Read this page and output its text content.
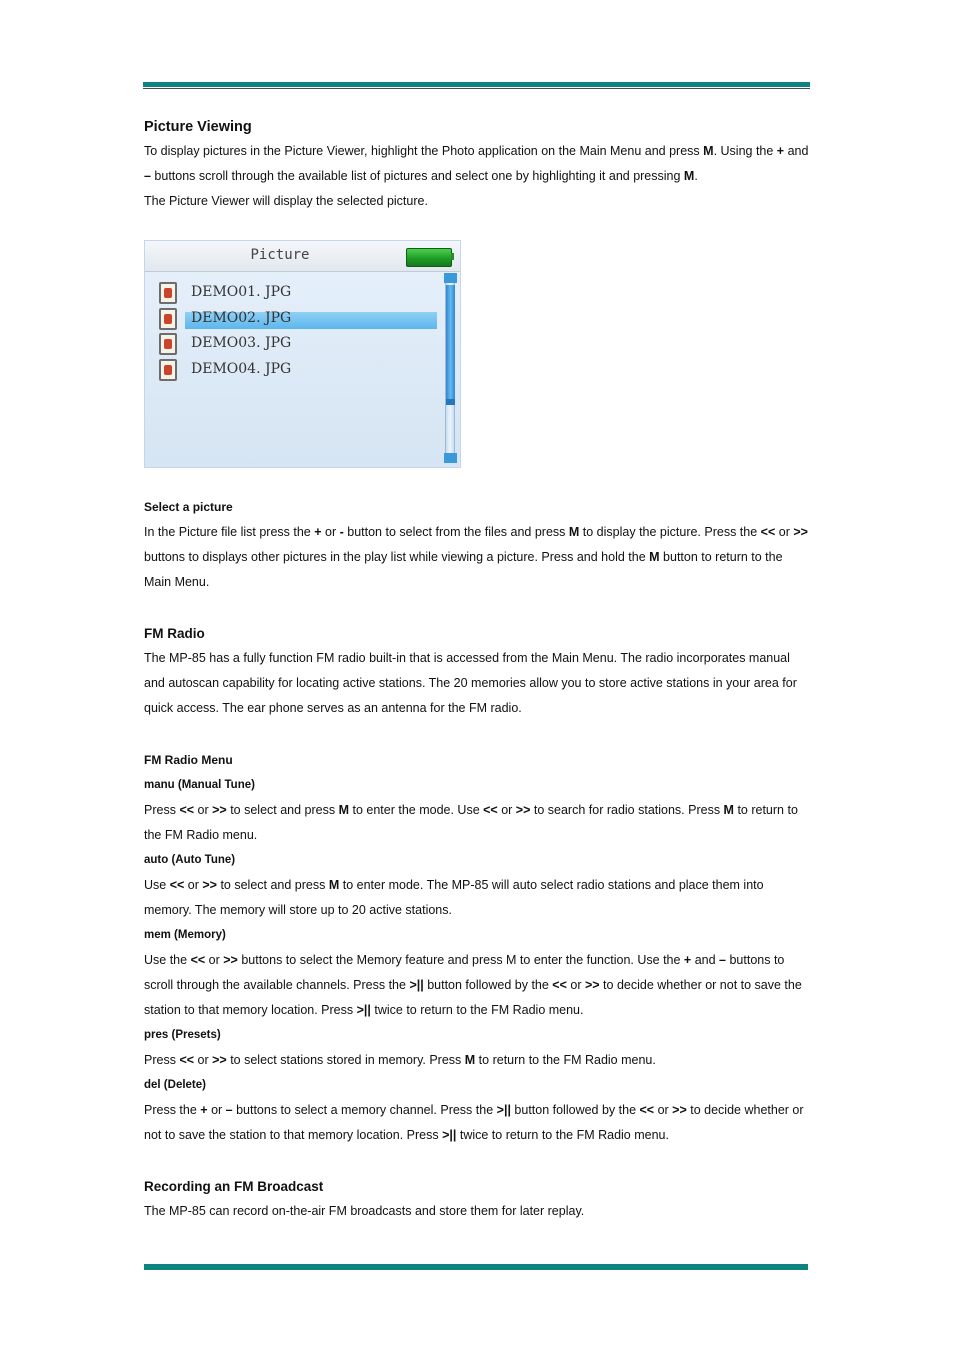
Picture Viewing

To display pictures in the Picture Viewer, highlight the Photo application on the Main Menu and press M. Using the + and – buttons scroll through the available list of pictures and select one by highlighting it and pressing M.
The Picture Viewer will display the selected picture.

Picture
DEMO01. JPG
DEMO02. JPG
DEMO03. JPG
DEMO04. JPG
Select a picture

In the Picture file list press the + or - button to select from the files and press M to display the picture. Press the << or >> buttons to displays other pictures in the play list while viewing a picture. Press and hold the M button to return to the Main Menu.

FM Radio

The MP-85 has a fully function FM radio built-in that is accessed from the Main Menu. The radio incorporates manual and autoscan capability for locating active stations. The 20 memories allow you to store active stations in your area for quick access. The ear phone serves as an antenna for the FM radio.

FM Radio Menu
manu (Manual Tune)

Press << or >> to select and press M to enter the mode. Use << or >> to search for radio stations. Press M to return to the FM Radio menu.

auto (Auto Tune)

Use << or >> to select and press M to enter mode. The MP-85 will auto select radio stations and place them into memory. The memory will store up to 20 active stations.

mem (Memory)

Use the << or >> buttons to select the Memory feature and press M to enter the function. Use the + and – buttons to scroll through the available channels. Press the >|| button followed by the << or >> to decide whether or not to save the station to that memory location. Press >|| twice to return to the FM Radio menu.

pres (Presets)

Press << or >> to select stations stored in memory. Press M to return to the FM Radio menu.

del (Delete)

Press the + or – buttons to select a memory channel. Press the >|| button followed by the << or >> to decide whether or not to save the station to that memory location. Press >|| twice to return to the FM Radio menu.

Recording an FM Broadcast

The MP-85 can record on-the-air FM broadcasts and store them for later replay.
